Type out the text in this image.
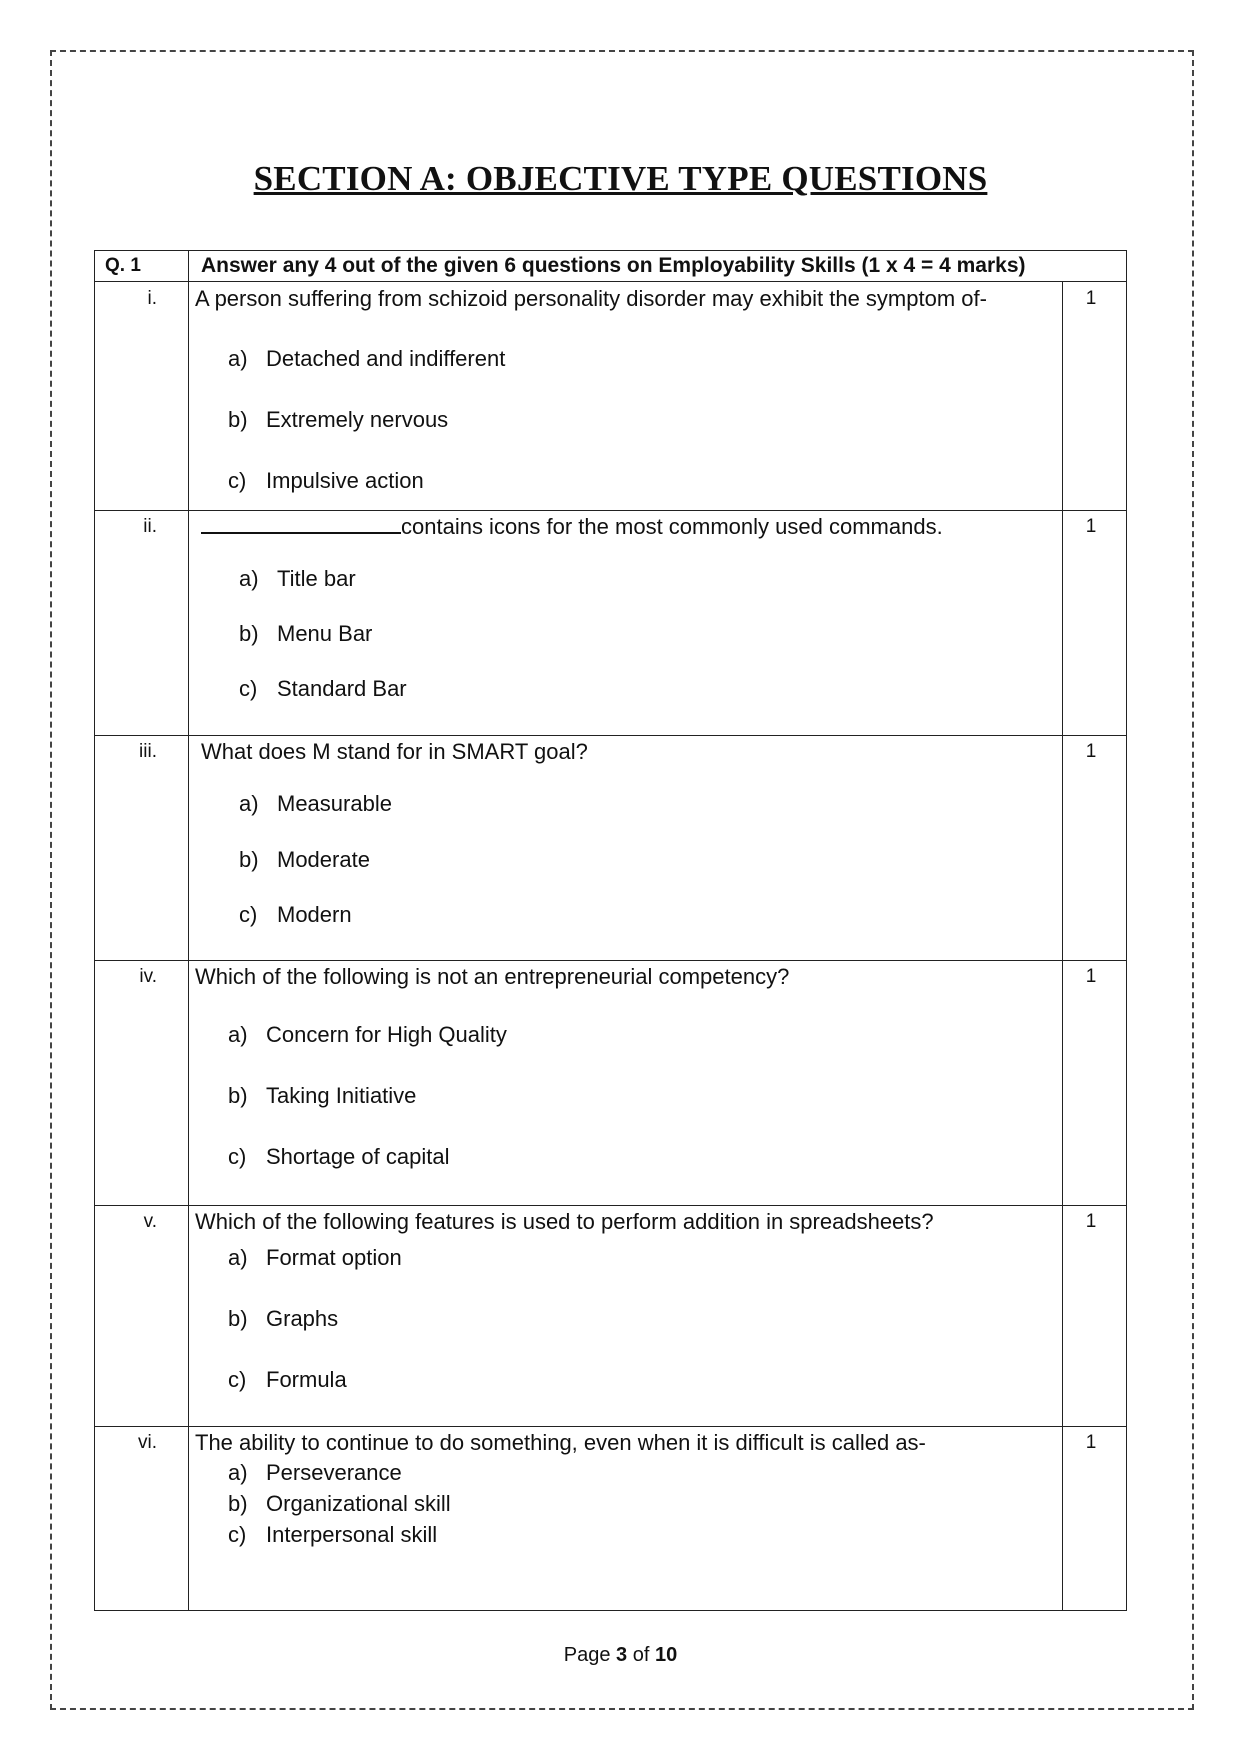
SECTION A: OBJECTIVE TYPE QUESTIONS
Q. 1	Answer any 4 out of the given 6 questions on Employability Skills (1 x 4 = 4 marks)
i. A person suffering from schizoid personality disorder may exhibit the symptom of-	1
a) Detached and indifferent
b) Extremely nervous
c) Impulsive action
ii.	contains icons for the most commonly used commands.	1
a) Title bar
b) Menu Bar
c) Standard Bar
iii. What does M stand for in SMART goal?	1
a) Measurable
b) Moderate
c) Modern
iv. Which of the following is not an entrepreneurial competency?	1
a) Concern for High Quality
b) Taking Initiative
c) Shortage of capital
v. Which of the following features is used to perform addition in spreadsheets?	1
a) Format option
b) Graphs
c) Formula
vi. The ability to continue to do something, even when it is difficult is called as-	1
a) Perseverance
b) Organizational skill
c) Interpersonal skill
Page 3 of 10
